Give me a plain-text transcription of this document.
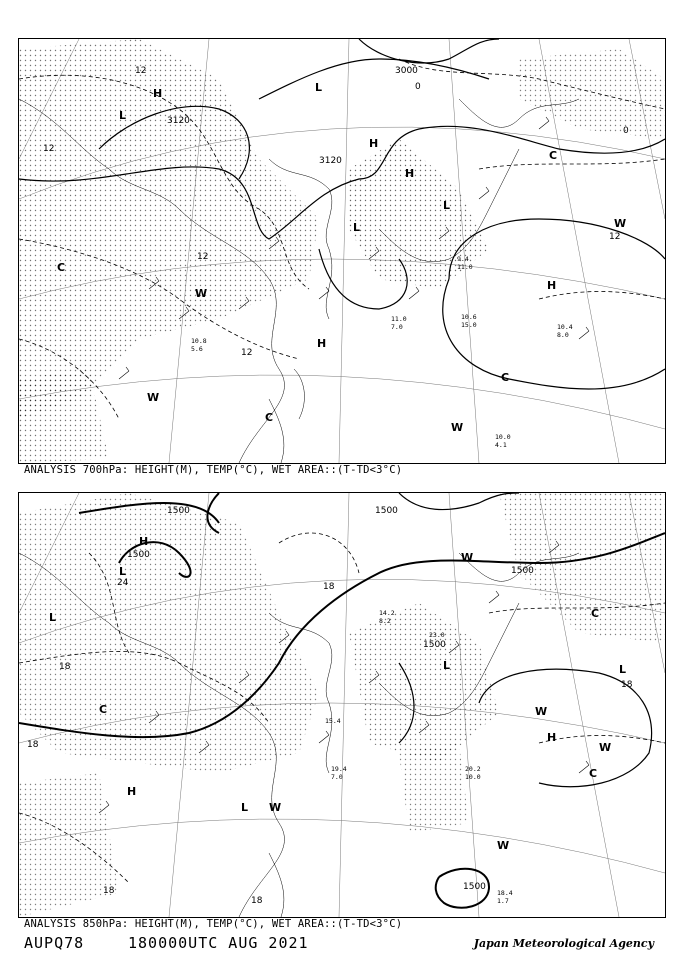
3120
3120
3000
12
12
12
12
0
0
12
H
L
H
H
H
L
L
H
L
W
C
C
W
C
W
C
W
10.4
8.0
10.6
15.0
11.0
7.0
10.8
5.6
9.4
11.0
10.0
4.1
ANALYSIS 700hPa: HEIGHT(M), TEMP(°C), WET AREA::(T-TD<3°C)
1500
1500
1500
1500
1500
1500
24
18
18
18
18
18
18
L
H
L
L
H
L	L
H
W
C	W
W
C
C
W
W
18.4
1.7
20.2
10.0
14.2
8.2
23.0
15.4
19.4
7.0
ANALYSIS 850hPa: HEIGHT(M), TEMP(°C), WET AREA::(T-TD<3°C)
AUPQ78	180000UTC AUG 2021	Japan Meteorological Agency
